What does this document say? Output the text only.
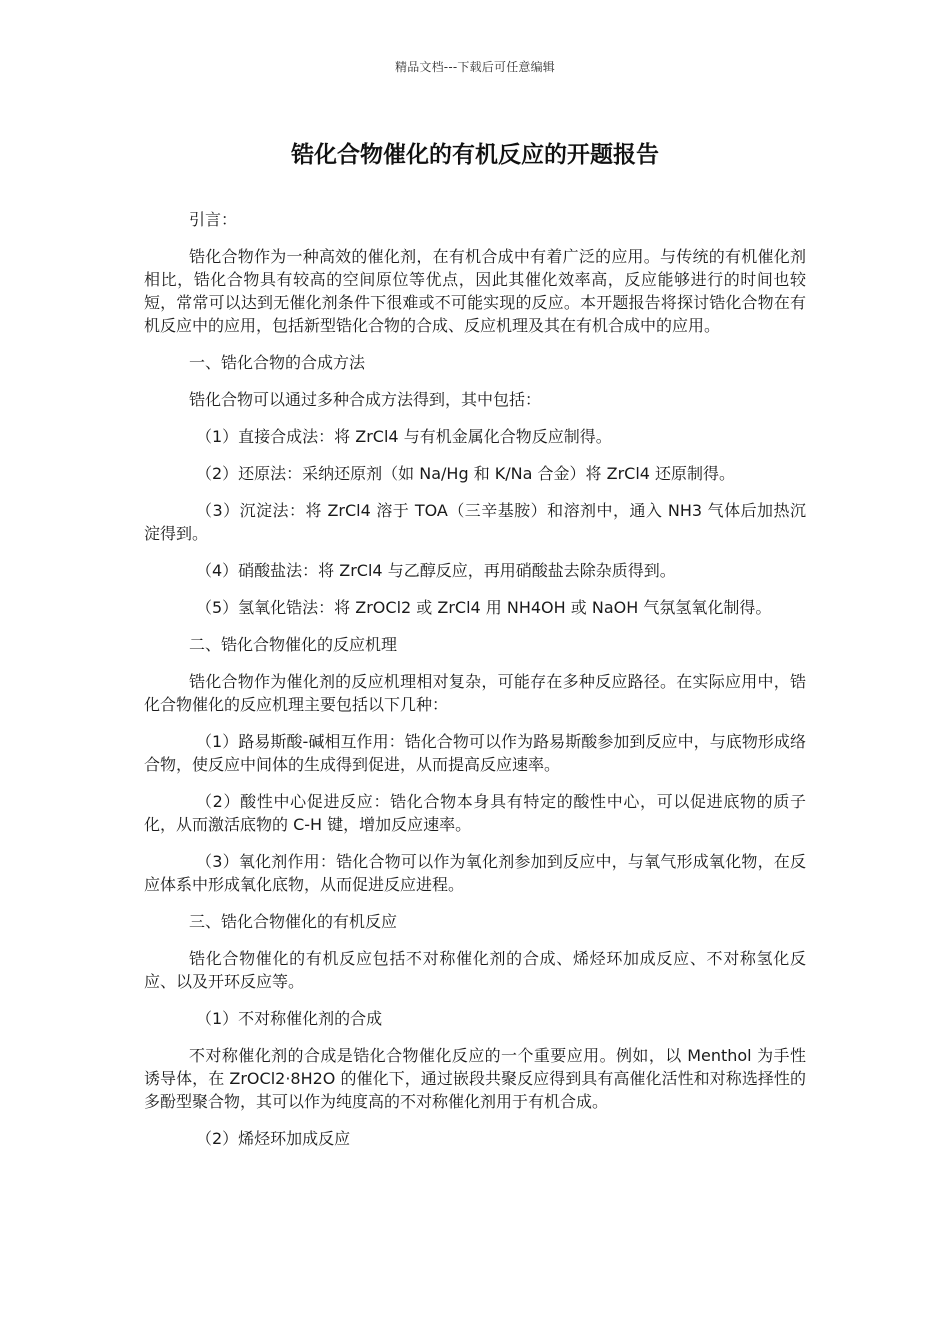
精品文档---下载后可任意编辑
锆化合物催化的有机反应的开题报告

引言：

锆化合物作为一种高效的催化剂，在有机合成中有着广泛的应用。与传统的有机催化剂相比，锆化合物具有较高的空间原位等优点，因此其催化效率高，反应能够进行的时间也较短，常常可以达到无催化剂条件下很难或不可能实现的反应。本开题报告将探讨锆化合物在有机反应中的应用，包括新型锆化合物的合成、反应机理及其在有机合成中的应用。

一、锆化合物的合成方法

锆化合物可以通过多种合成方法得到，其中包括：

（1）直接合成法：将 ZrCl4 与有机金属化合物反应制得。

（2）还原法：采纳还原剂（如 Na/Hg 和 K/Na 合金）将 ZrCl4 还原制得。

（3）沉淀法：将 ZrCl4 溶于 TOA（三辛基胺）和溶剂中，通入 NH3 气体后加热沉淀得到。

（4）硝酸盐法：将 ZrCl4 与乙醇反应，再用硝酸盐去除杂质得到。

（5）氢氧化锆法：将 ZrOCl2 或 ZrCl4 用 NH4OH 或 NaOH 气氛氢氧化制得。

二、锆化合物催化的反应机理

锆化合物作为催化剂的反应机理相对复杂，可能存在多种反应路径。在实际应用中，锆化合物催化的反应机理主要包括以下几种：

（1）路易斯酸-碱相互作用：锆化合物可以作为路易斯酸参加到反应中，与底物形成络合物，使反应中间体的生成得到促进，从而提高反应速率。

（2）酸性中心促进反应：锆化合物本身具有特定的酸性中心，可以促进底物的质子化，从而激活底物的 C-H 键，增加反应速率。

（3）氧化剂作用：锆化合物可以作为氧化剂参加到反应中，与氧气形成氧化物，在反应体系中形成氧化底物，从而促进反应进程。

三、锆化合物催化的有机反应

锆化合物催化的有机反应包括不对称催化剂的合成、烯烃环加成反应、不对称氢化反应、以及开环反应等。

（1）不对称催化剂的合成

不对称催化剂的合成是锆化合物催化反应的一个重要应用。例如，以 Menthol 为手性诱导体，在 ZrOCl2·8H2O 的催化下，通过嵌段共聚反应得到具有高催化活性和对称选择性的多酚型聚合物，其可以作为纯度高的不对称催化剂用于有机合成。

（2）烯烃环加成反应
